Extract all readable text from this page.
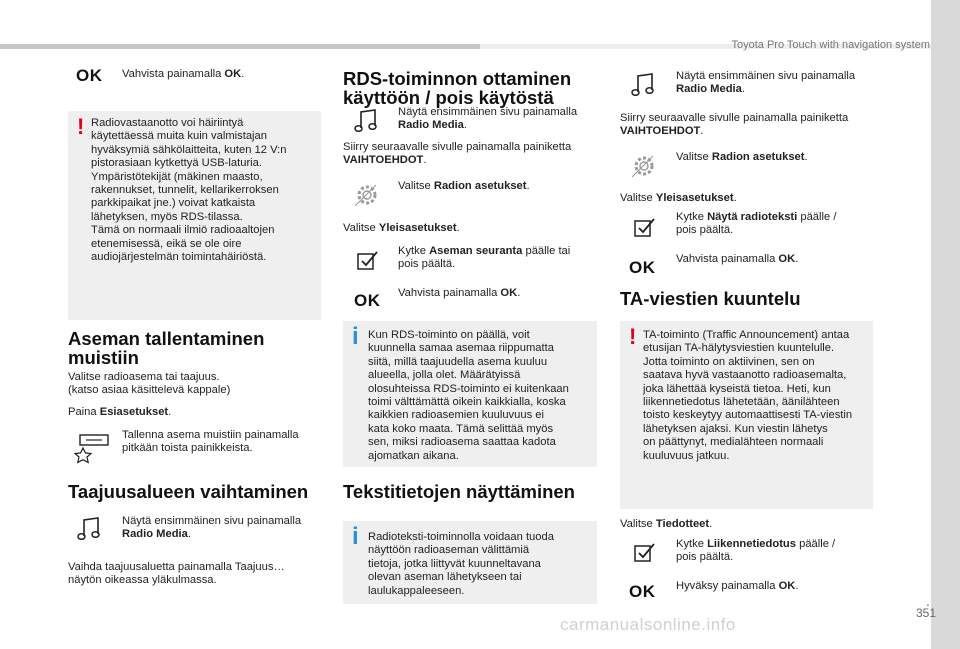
Toyota Pro Touch with navigation system
.
351
carmanualsonline.info
OK Vahvista painamalla OK.
! Radiovastaanotto voi häiriintyä
käytettäessä muita kuin valmistajan
hyväksymiä sähkölaitteita, kuten 12 V:n
pistorasiaan kytkettyä USB-laturia.
Ympäristötekijät (mäkinen maasto,
rakennukset, tunnelit, kellarikerroksen
parkkipaikat jne.) voivat katkaista
lähetyksen, myös RDS-tilassa.
Tämä on normaali ilmiö radioaaltojen
etenemisessä, eikä se ole oire
audiojärjestelmän toimintahäiriöstä.
Aseman tallentaminen
muistiin
Valitse radioasema tai taajuus.
(katso asiaa käsittelevä kappale)
Paina Esiasetukset.
Tallenna asema muistiin painamalla
pitkään toista painikkeista.
Taajuusalueen vaihtaminen
Näytä ensimmäinen sivu painamalla
Radio Media.
Vaihda taajuusaluetta painamalla Taajuus…
näytön oikeassa yläkulmassa.
RDS-toiminnon ottaminen
käyttöön / pois käytöstä
Näytä ensimmäinen sivu painamalla
Radio Media.
Siirry seuraavalle sivulle painamalla painiketta
VAIHTOEHDOT.
Valitse Radion asetukset.
Valitse Yleisasetukset.
Kytke Aseman seuranta päälle tai
pois päältä.
OK Vahvista painamalla OK.
i Kun RDS-toiminto on päällä, voit
kuunnella samaa asemaa riippumatta
siitä, millä taajuudella asema kuuluu
alueella, jolla olet. Määrätyissä
olosuhteissa RDS-toiminto ei kuitenkaan
toimi välttämättä oikein kaikkialla, koska
kaikkien radioasemien kuuluvuus ei
kata koko maata. Tämä selittää myös
sen, miksi radioasema saattaa kadota
ajomatkan aikana.
Tekstitietojen näyttäminen
i Radioteksti-toiminnolla voidaan tuoda
näyttöön radioaseman välittämiä
tietoja, jotka liittyvät kuunneltavana
olevan aseman lähetykseen tai
laulukappaleeseen.
Näytä ensimmäinen sivu painamalla
Radio Media.
Siirry seuraavalle sivulle painamalla painiketta
VAIHTOEHDOT.
Valitse Radion asetukset.
Valitse Yleisasetukset.
Kytke Näytä radioteksti päälle /
pois päältä.
OK Vahvista painamalla OK.
TA-viestien kuuntelu
! TA-toiminto (Traffic Announcement) antaa
etusijan TA-hälytysviestien kuuntelulle.
Jotta toiminto on aktiivinen, sen on
saatava hyvä vastaanotto radioasemalta,
joka lähettää kyseistä tietoa. Heti, kun
liikennetiedotus lähetetään, äänilähteen
toisto keskeytyy automaattisesti TA-viestin
lähetyksen ajaksi. Kun viestin lähetys
on päättynyt, medialähteen normaali
kuuluvuus jatkuu.
Valitse Tiedotteet.
Kytke Liikennetiedotus päälle /
pois päältä.
OK Hyväksy painamalla OK.
